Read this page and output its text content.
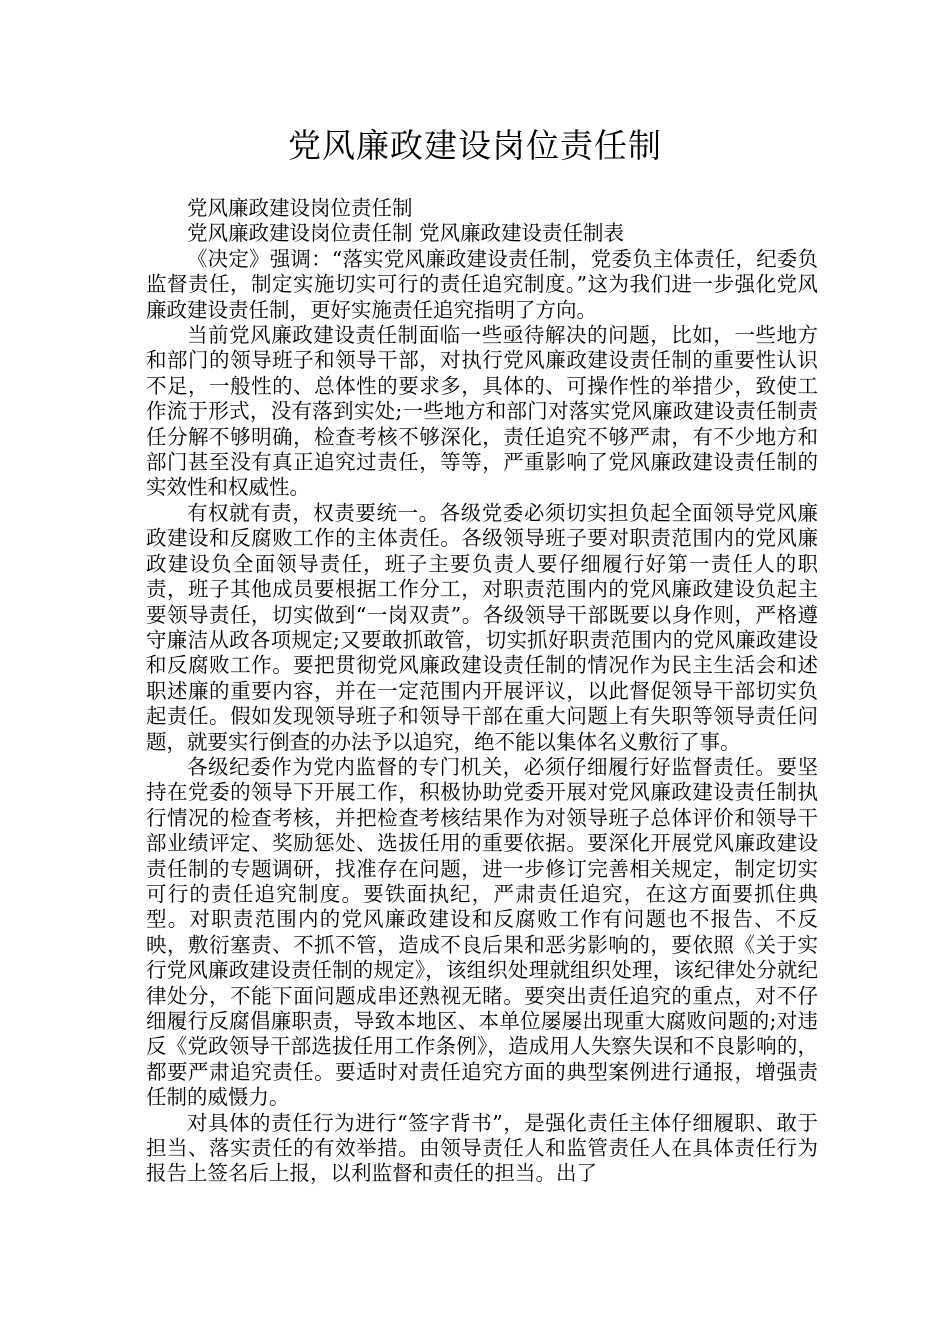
党风廉政建设岗位责任制

党风廉政建设岗位责任制

党风廉政建设岗位责任制 党风廉政建设责任制表

《决定》强调：“落实党风廉政建设责任制，党委负主体责任，纪委负监督责任，制定实施切实可行的责任追究制度。”这为我们进一步强化党风廉政建设责任制，更好实施责任追究指明了方向。

当前党风廉政建设责任制面临一些亟待解决的问题，比如，一些地方和部门的领导班子和领导干部，对执行党风廉政建设责任制的重要性认识不足，一般性的、总体性的要求多，具体的、可操作性的举措少，致使工作流于形式，没有落到实处;一些地方和部门对落实党风廉政建设责任制责任分解不够明确，检查考核不够深化，责任追究不够严肃，有不少地方和部门甚至没有真正追究过责任，等等，严重影响了党风廉政建设责任制的实效性和权威性。

有权就有责，权责要统一。各级党委必须切实担负起全面领导党风廉政建设和反腐败工作的主体责任。各级领导班子要对职责范围内的党风廉政建设负全面领导责任，班子主要负责人要仔细履行好第一责任人的职责，班子其他成员要根据工作分工，对职责范围内的党风廉政建设负起主要领导责任，切实做到“一岗双责”。各级领导干部既要以身作则，严格遵守廉洁从政各项规定;又要敢抓敢管，切实抓好职责范围内的党风廉政建设和反腐败工作。要把贯彻党风廉政建设责任制的情况作为民主生活会和述职述廉的重要内容，并在一定范围内开展评议，以此督促领导干部切实负起责任。假如发现领导班子和领导干部在重大问题上有失职等领导责任问题，就要实行倒查的办法予以追究，绝不能以集体名义敷衍了事。

各级纪委作为党内监督的专门机关，必须仔细履行好监督责任。要坚持在党委的领导下开展工作，积极协助党委开展对党风廉政建设责任制执行情况的检查考核，并把检查考核结果作为对领导班子总体评价和领导干部业绩评定、奖励惩处、选拔任用的重要依据。要深化开展党风廉政建设责任制的专题调研，找准存在问题，进一步修订完善相关规定，制定切实可行的责任追究制度。要铁面执纪，严肃责任追究，在这方面要抓住典型。对职责范围内的党风廉政建设和反腐败工作有问题也不报告、不反映，敷衍塞责、不抓不管，造成不良后果和恶劣影响的，要依照《关于实行党风廉政建设责任制的规定》，该组织处理就组织处理，该纪律处分就纪律处分，不能下面问题成串还熟视无睹。要突出责任追究的重点，对不仔细履行反腐倡廉职责，导致本地区、本单位屡屡出现重大腐败问题的;对违反《党政领导干部选拔任用工作条例》，造成用人失察失误和不良影响的，都要严肃追究责任。要适时对责任追究方面的典型案例进行通报，增强责任制的威慑力。

对具体的责任行为进行“签字背书”，是强化责任主体仔细履职、敢于担当、落实责任的有效举措。由领导责任人和监管责任人在具体责任行为报告上签名后上报，以利监督和责任的担当。出了
